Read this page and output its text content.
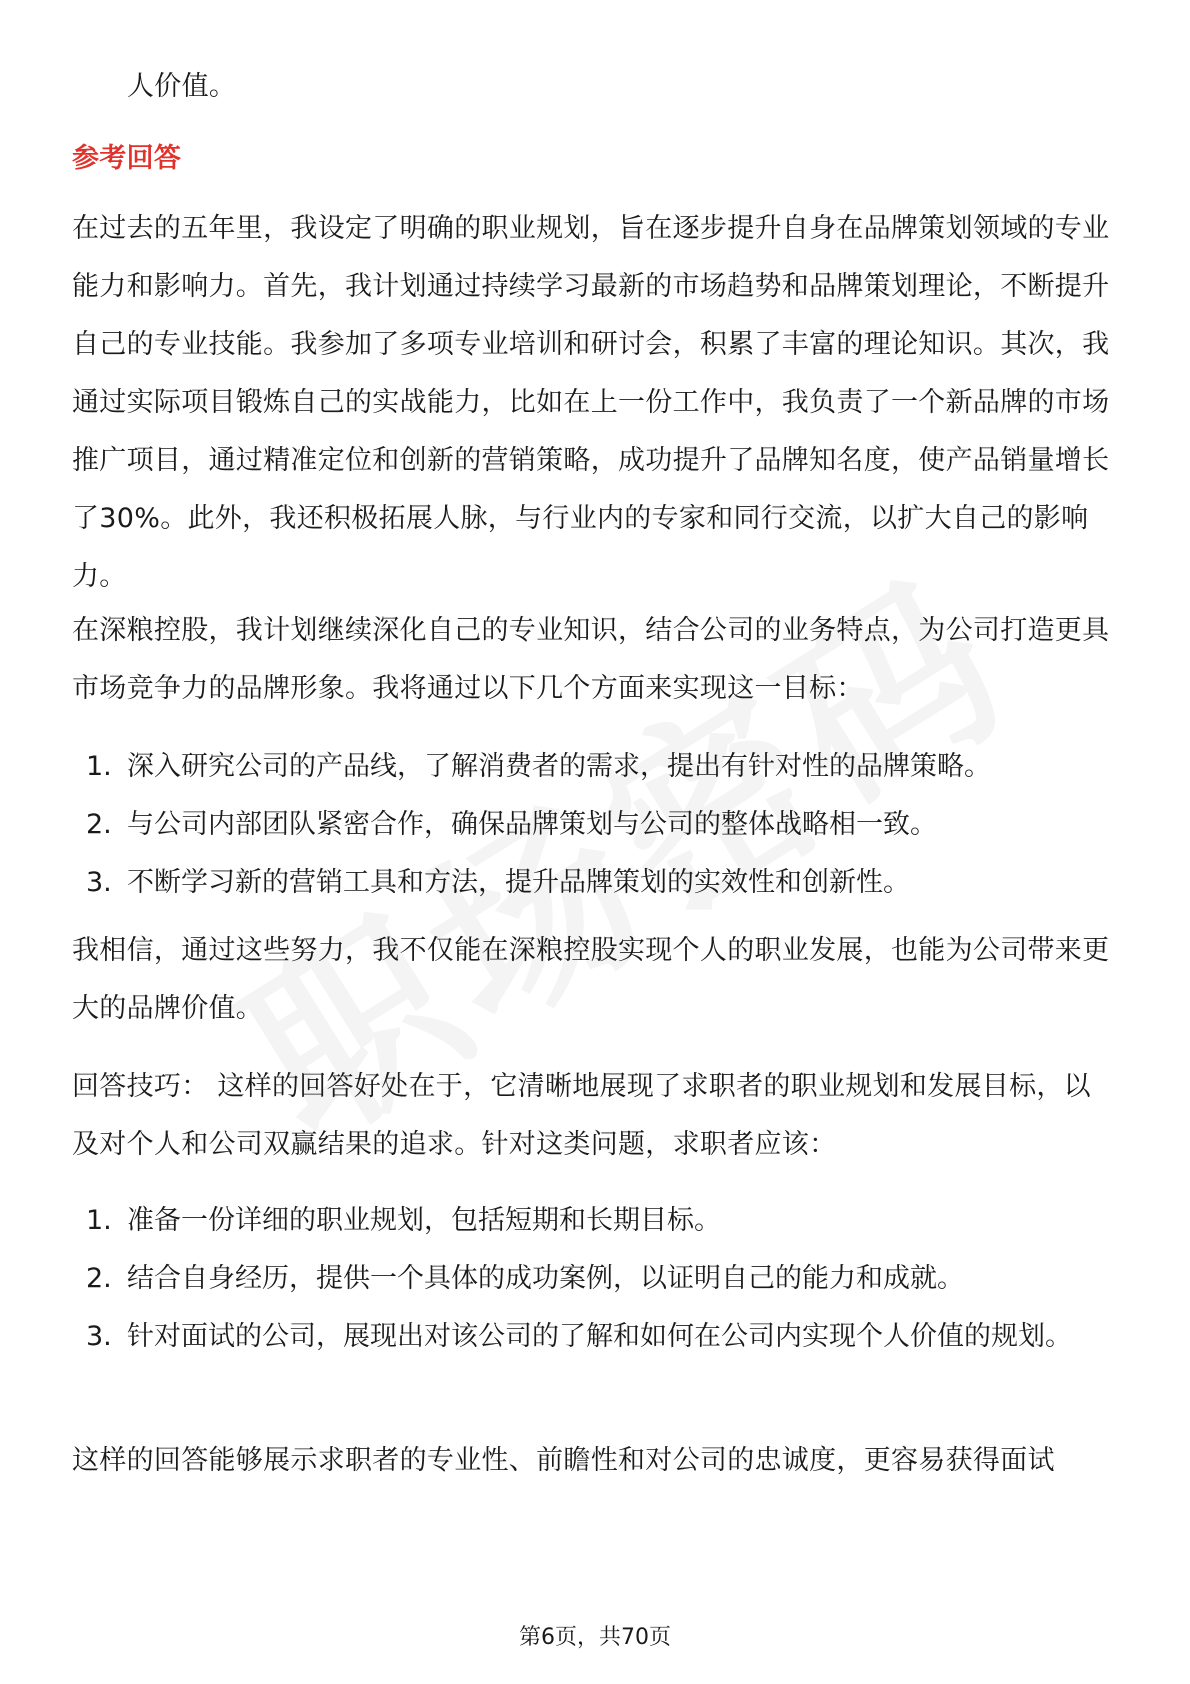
人价值。

参考回答

在过去的五年里，我设定了明确的职业规划，旨在逐步提升自身在品牌策划领域的专业能力和影响力。首先，我计划通过持续学习最新的市场趋势和品牌策划理论，不断提升自己的专业技能。我参加了多项专业培训和研讨会，积累了丰富的理论知识。其次，我通过实际项目锻炼自己的实战能力，比如在上一份工作中，我负责了一个新品牌的市场推广项目，通过精准定位和创新的营销策略，成功提升了品牌知名度，使产品销量增长了30%。此外，我还积极拓展人脉，与行业内的专家和同行交流，以扩大自己的影响力。

在深粮控股，我计划继续深化自己的专业知识，结合公司的业务特点，为公司打造更具市场竞争力的品牌形象。我将通过以下几个方面来实现这一目标：

1. 深入研究公司的产品线，了解消费者的需求，提出有针对性的品牌策略。
2. 与公司内部团队紧密合作，确保品牌策划与公司的整体战略相一致。
3. 不断学习新的营销工具和方法，提升品牌策划的实效性和创新性。

我相信，通过这些努力，我不仅能在深粮控股实现个人的职业发展，也能为公司带来更大的品牌价值。

回答技巧： 这样的回答好处在于，它清晰地展现了求职者的职业规划和发展目标，以及对个人和公司双赢结果的追求。针对这类问题，求职者应该：

1. 准备一份详细的职业规划，包括短期和长期目标。
2. 结合自身经历，提供一个具体的成功案例，以证明自己的能力和成就。
3. 针对面试的公司，展现出对该公司的了解和如何在公司内实现个人价值的规划。

这样的回答能够展示求职者的专业性、前瞻性和对公司的忠诚度，更容易获得面试

第6页，共70页
